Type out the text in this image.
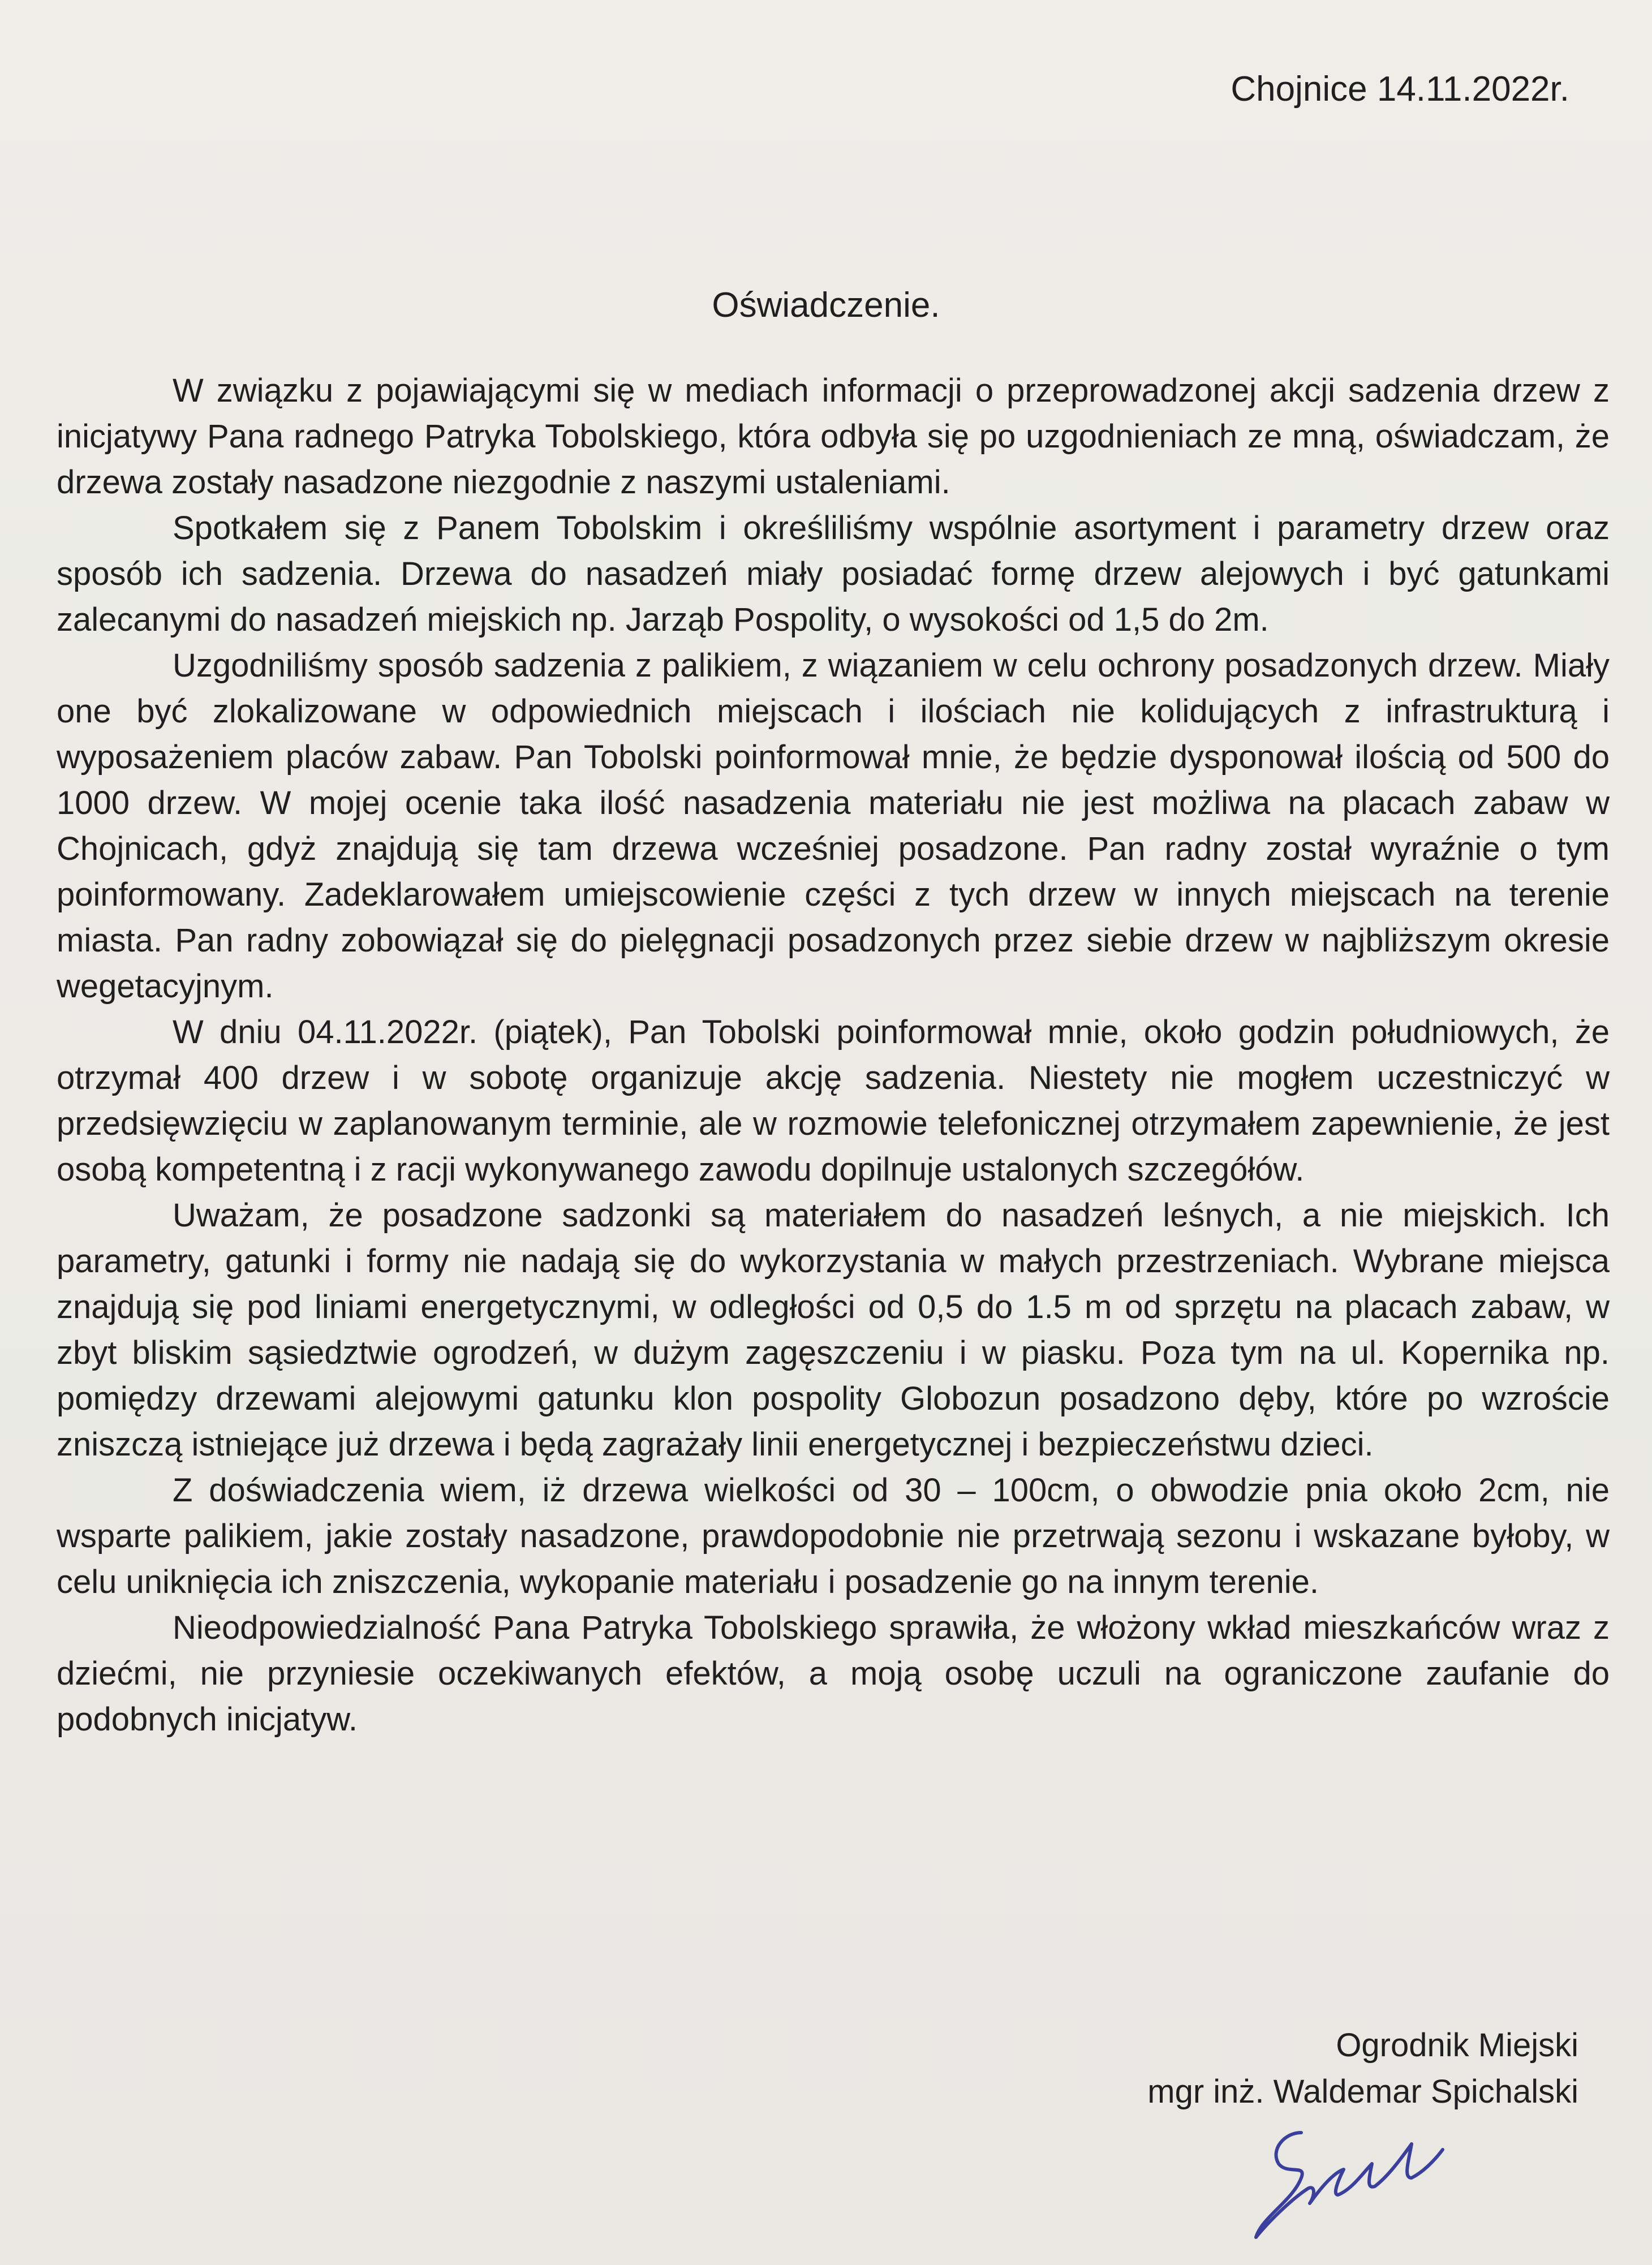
Chojnice 14.11.2022r.
Oświadczenie.

W związku z pojawiającymi się w mediach informacji o przeprowadzonej akcji sadzenia drzew z inicjatywy Pana radnego Patryka Tobolskiego, która odbyła się po uzgodnieniach ze mną, oświadczam, że drzewa zostały nasadzone niezgodnie z naszymi ustaleniami.

Spotkałem się z Panem Tobolskim i określiliśmy wspólnie asortyment i parametry drzew oraz sposób ich sadzenia. Drzewa do nasadzeń miały posiadać formę drzew alejowych i być gatunkami zalecanymi do nasadzeń miejskich np. Jarząb Pospolity, o wysokości od 1,5 do 2m.

Uzgodniliśmy sposób sadzenia z palikiem, z wiązaniem w celu ochrony posadzonych drzew. Miały one być zlokalizowane w odpowiednich miejscach i ilościach nie kolidujących z infrastrukturą i wyposażeniem placów zabaw. Pan Tobolski poinformował mnie, że będzie dysponował ilością od 500 do 1000 drzew. W mojej ocenie taka ilość nasadzenia materiału nie jest możliwa na placach zabaw w Chojnicach, gdyż znajdują się tam drzewa wcześniej posadzone. Pan radny został wyraźnie o tym poinformowany. Zadeklarowałem umiejscowienie części z tych drzew w innych miejscach na terenie miasta. Pan radny zobowiązał się do pielęgnacji posadzonych przez siebie drzew w najbliższym okresie wegetacyjnym.

W dniu 04.11.2022r. (piątek), Pan Tobolski poinformował mnie, około godzin południowych, że otrzymał 400 drzew i w sobotę organizuje akcję sadzenia. Niestety nie mogłem uczestniczyć w przedsięwzięciu w zaplanowanym terminie, ale w rozmowie telefonicznej otrzymałem zapewnienie, że jest osobą kompetentną i z racji wykonywanego zawodu dopilnuje ustalonych szczegółów.

Uważam, że posadzone sadzonki są materiałem do nasadzeń leśnych, a nie miejskich. Ich parametry, gatunki i formy nie nadają się do wykorzystania w małych przestrzeniach. Wybrane miejsca znajdują się pod liniami energetycznymi, w odległości od 0,5 do 1.5 m od sprzętu na placach zabaw, w zbyt bliskim sąsiedztwie ogrodzeń, w dużym zagęszczeniu i w piasku. Poza tym na ul. Kopernika np. pomiędzy drzewami alejowymi gatunku klon pospolity Globozun posadzono dęby, które po wzroście zniszczą istniejące już drzewa i będą zagrażały linii energetycznej i bezpieczeństwu dzieci.

Z doświadczenia wiem, iż drzewa wielkości od 30 – 100cm, o obwodzie pnia około 2cm, nie wsparte palikiem, jakie zostały nasadzone, prawdopodobnie nie przetrwają sezonu i wskazane byłoby, w celu uniknięcia ich zniszczenia, wykopanie materiału i posadzenie go na innym terenie.

Nieodpowiedzialność Pana Patryka Tobolskiego sprawiła, że włożony wkład mieszkańców wraz z dziećmi, nie przyniesie oczekiwanych efektów, a moją osobę uczuli na ograniczone zaufanie do podobnych inicjatyw.

Ogrodnik Miejski
mgr inż. Waldemar Spichalski
